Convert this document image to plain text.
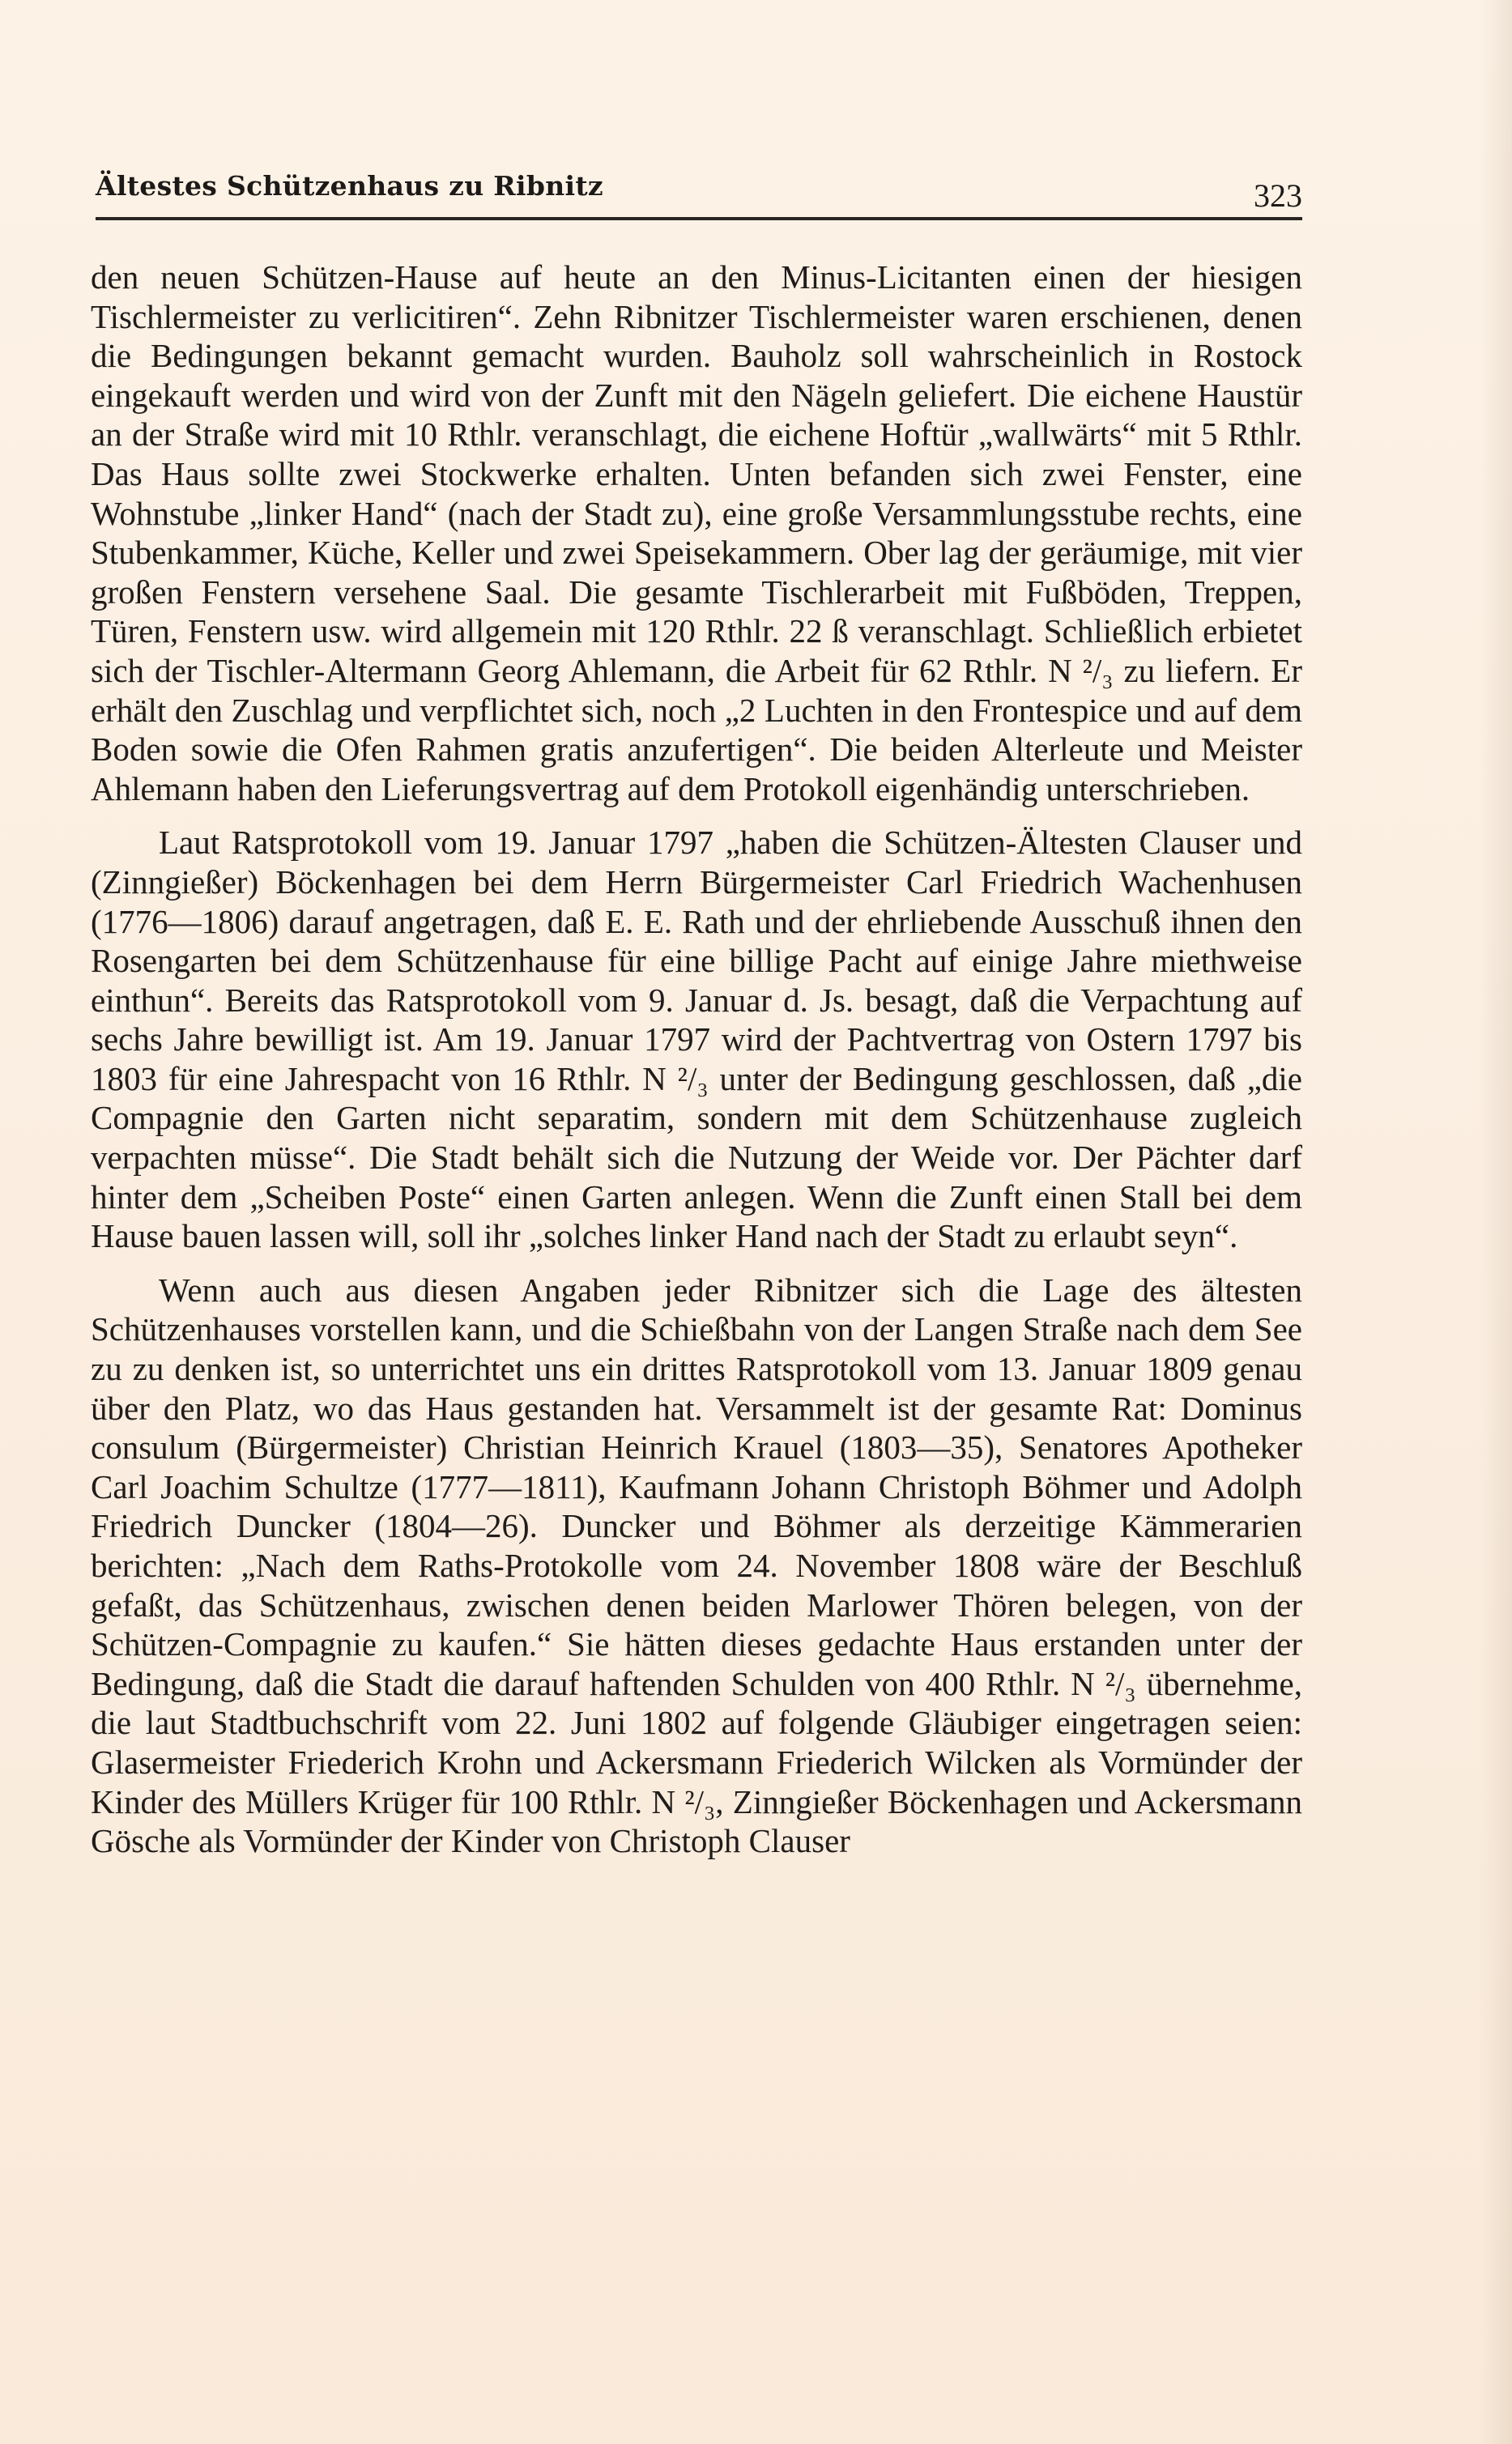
Ältestes Schützenhaus zu Ribnitz	323

den neuen Schützen-Hause auf heute an den Minus-Licitanten einen der hiesigen Tischlermeister zu verlicitiren“. Zehn Ribnitzer Tischlermeister waren erschienen, denen die Bedingungen bekannt gemacht wurden. Bauholz soll wahrscheinlich in Rostock eingekauft werden und wird von der Zunft mit den Nägeln geliefert. Die eichene Haustür an der Straße wird mit 10 Rthlr. veranschlagt, die eichene Hoftür „wallwärts“ mit 5 Rthlr. Das Haus sollte zwei Stockwerke erhalten. Unten befanden sich zwei Fenster, eine Wohnstube „linker Hand“ (nach der Stadt zu), eine große Versammlungsstube rechts, eine Stubenkammer, Küche, Keller und zwei Speisekammern. Ober lag der geräumige, mit vier großen Fenstern versehene Saal. Die gesamte Tischlerarbeit mit Fußböden, Treppen, Türen, Fenstern usw. wird allgemein mit 120 Rthlr. 22 ß veranschlagt. Schließlich erbietet sich der Tischler-Altermann Georg Ahlemann, die Arbeit für 62 Rthlr. N ²/₃ zu liefern. Er erhält den Zuschlag und verpflichtet sich, noch „2 Luchten in den Frontespice und auf dem Boden sowie die Ofen Rahmen gratis anzufertigen“. Die beiden Alterleute und Meister Ahlemann haben den Lieferungsvertrag auf dem Protokoll eigenhändig unterschrieben.

Laut Ratsprotokoll vom 19. Januar 1797 „haben die Schützen-Ältesten Clauser und (Zinngießer) Böckenhagen bei dem Herrn Bürgermeister Carl Friedrich Wachenhusen (1776—1806) darauf angetragen, daß E. E. Rath und der ehrliebende Ausschuß ihnen den Rosengarten bei dem Schützenhause für eine billige Pacht auf einige Jahre miethweise einthun“. Bereits das Ratsprotokoll vom 9. Januar d. Js. besagt, daß die Verpachtung auf sechs Jahre bewilligt ist. Am 19. Januar 1797 wird der Pachtvertrag von Ostern 1797 bis 1803 für eine Jahrespacht von 16 Rthlr. N ²/₃ unter der Bedingung geschlossen, daß „die Compagnie den Garten nicht separatim, sondern mit dem Schützenhause zugleich verpachten müsse“. Die Stadt behält sich die Nutzung der Weide vor. Der Pächter darf hinter dem „Scheiben Poste“ einen Garten anlegen. Wenn die Zunft einen Stall bei dem Hause bauen lassen will, soll ihr „solches linker Hand nach der Stadt zu erlaubt seyn“.

Wenn auch aus diesen Angaben jeder Ribnitzer sich die Lage des ältesten Schützenhauses vorstellen kann, und die Schießbahn von der Langen Straße nach dem See zu zu denken ist, so unterrichtet uns ein drittes Ratsprotokoll vom 13. Januar 1809 genau über den Platz, wo das Haus gestanden hat. Versammelt ist der gesamte Rat: Dominus consulum (Bürgermeister) Christian Heinrich Krauel (1803—35), Senatores Apotheker Carl Joachim Schultze (1777—1811), Kaufmann Johann Christoph Böhmer und Adolph Friedrich Duncker (1804—26). Duncker und Böhmer als derzeitige Kämmerarien berichten: „Nach dem Raths-Protokolle vom 24. November 1808 wäre der Beschluß gefaßt, das Schützenhaus, zwischen denen beiden Marlower Thören belegen, von der Schützen-Compagnie zu kaufen.“ Sie hätten dieses gedachte Haus erstanden unter der Bedingung, daß die Stadt die darauf haftenden Schulden von 400 Rthlr. N ²/₃ übernehme, die laut Stadtbuchschrift vom 22. Juni 1802 auf folgende Gläubiger eingetragen seien: Glasermeister Friederich Krohn und Ackersmann Friederich Wilcken als Vormünder der Kinder des Müllers Krüger für 100 Rthlr. N ²/₃, Zinngießer Böckenhagen und Ackersmann Gösche als Vormünder der Kinder von Christoph Clauser
